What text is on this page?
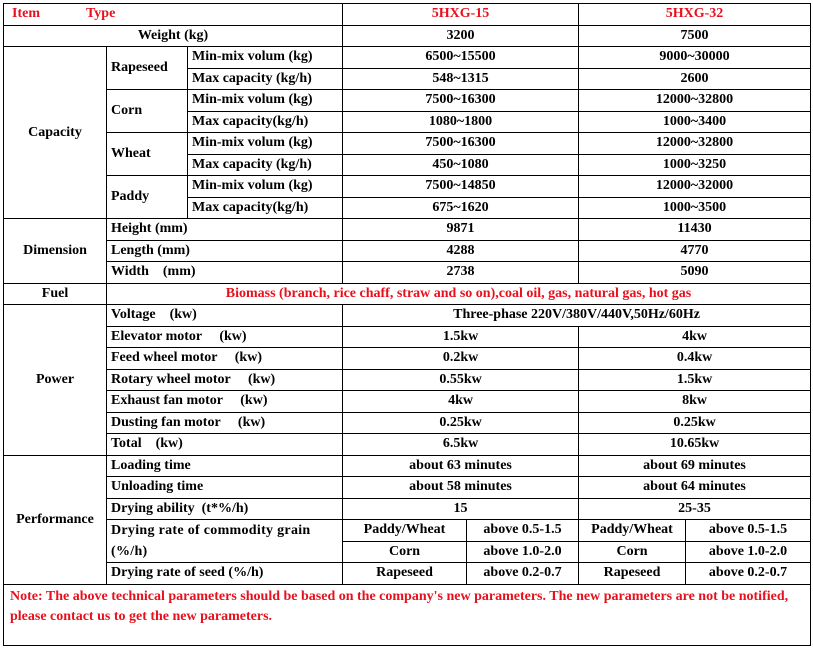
Item Type			5HXG-15		5HXG-32	
Weight (kg)			3200		7500	
Capacity	Rapeseed	Min-mix volum (kg)	6500~15500		9000~30000	
		Max capacity (kg/h)	548~1315		2600	
	Corn	Min-mix volum (kg)	7500~16300		12000~32800	
		Max capacity(kg/h)	1080~1800		1000~3400	
	Wheat	Min-mix volum (kg)	7500~16300		12000~32800	
		Max capacity (kg/h)	450~1080		1000~3250	
	Paddy	Min-mix volum (kg)	7500~14850		12000~32000	
		Max capacity(kg/h)	675~1620		1000~3500	
Dimension	Height (mm)		9871		11430	
	Length (mm)		4288		4770	
	Width    (mm)		2738		5090	
Fuel	Biomass (branch, rice chaff, straw and so on),coal oil, gas, natural gas, hot gas					
Power	Voltage    (kw)		Three-phase 220V/380V/440V,50Hz/60Hz			
	Elevator motor     (kw)		1.5kw		4kw	
	Feed wheel motor     (kw)		0.2kw		0.4kw	
	Rotary wheel motor     (kw)		0.55kw		1.5kw	
	Exhaust fan motor     (kw)		4kw		8kw	
	Dusting fan motor     (kw)		0.25kw		0.25kw	
	Total    (kw)		6.5kw		10.65kw	
Performance	Loading time		about 63 minutes		about 69 minutes	
	Unloading time		about 58 minutes		about 64 minutes	
	Drying ability  (t*%/h)		15		25-35	
	Drying rate of commodity grain (%/h)		Paddy/Wheat	above 0.5-1.5	Paddy/Wheat	above 0.5-1.5
			Corn	above 1.0-2.0	Corn	above 1.0-2.0
	Drying rate of seed (%/h)		Rapeseed	above 0.2-0.7	Rapeseed	above 0.2-0.7
Note: The above technical parameters should be based on the company's new parameters. The new parameters are not be notified, please contact us to get the new parameters.						
